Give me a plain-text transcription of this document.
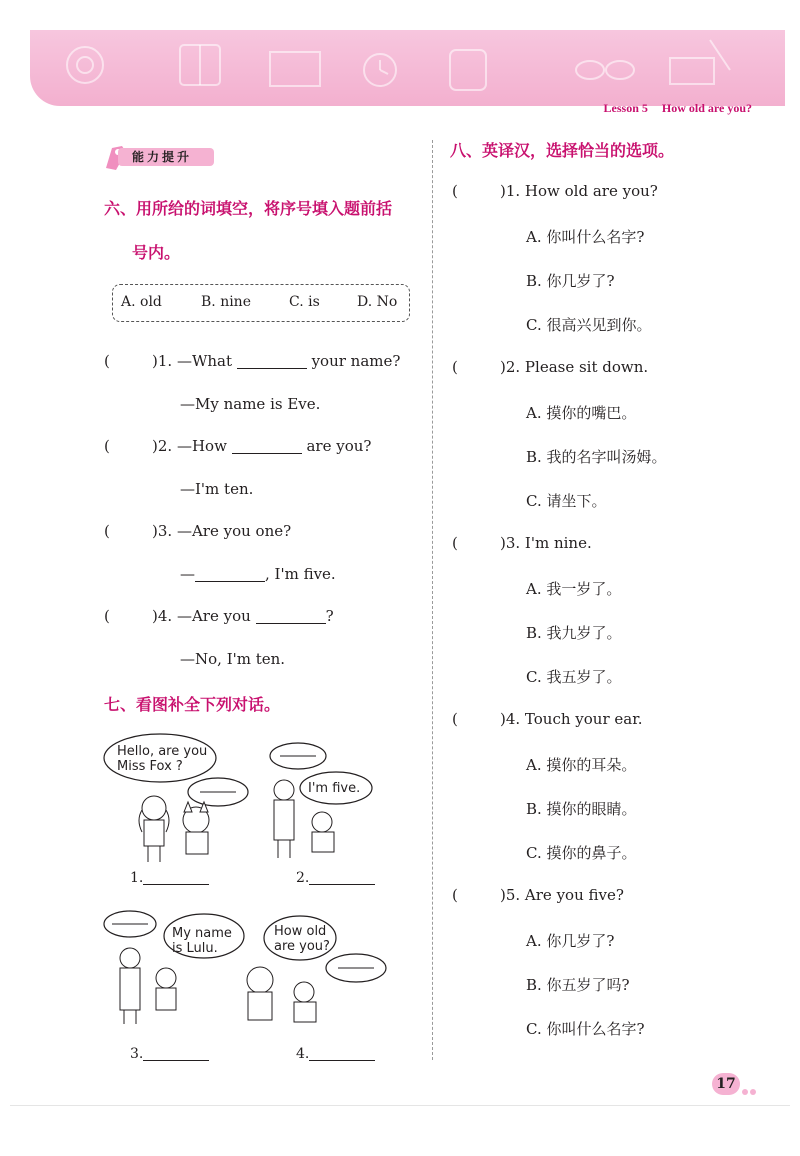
Lesson 5 How old are you?
能力提升
六、用所给的词填空，将序号填入题前括
号内。
A. old	B. nine	C. is	D. No
(	)1. —What	your name?
—My name is Eve.
(	)2. —How	are you?
—I'm ten.
(	)3. —Are you one?
—	, I'm five.
(	)4. —Are you	?
—No, I'm ten.
七、看图补全下列对话。
Hello, are you
Miss Fox ?
1.
I'm five.
2.
My name
is Lulu.
3.
How old
are you?
4.
八、英译汉，选择恰当的选项。
(	)1. How old are you?
A. 你叫什么名字?
B. 你几岁了?
C. 很高兴见到你。
(	)2. Please sit down.
A. 摸你的嘴巴。
B. 我的名字叫汤姆。
C. 请坐下。
(	)3. I'm nine.
A. 我一岁了。
B. 我九岁了。
C. 我五岁了。
(	)4. Touch your ear.
A. 摸你的耳朵。
B. 摸你的眼睛。
C. 摸你的鼻子。
(	)5. Are you five?
A. 你几岁了?
B. 你五岁了吗?
C. 你叫什么名字?
17
